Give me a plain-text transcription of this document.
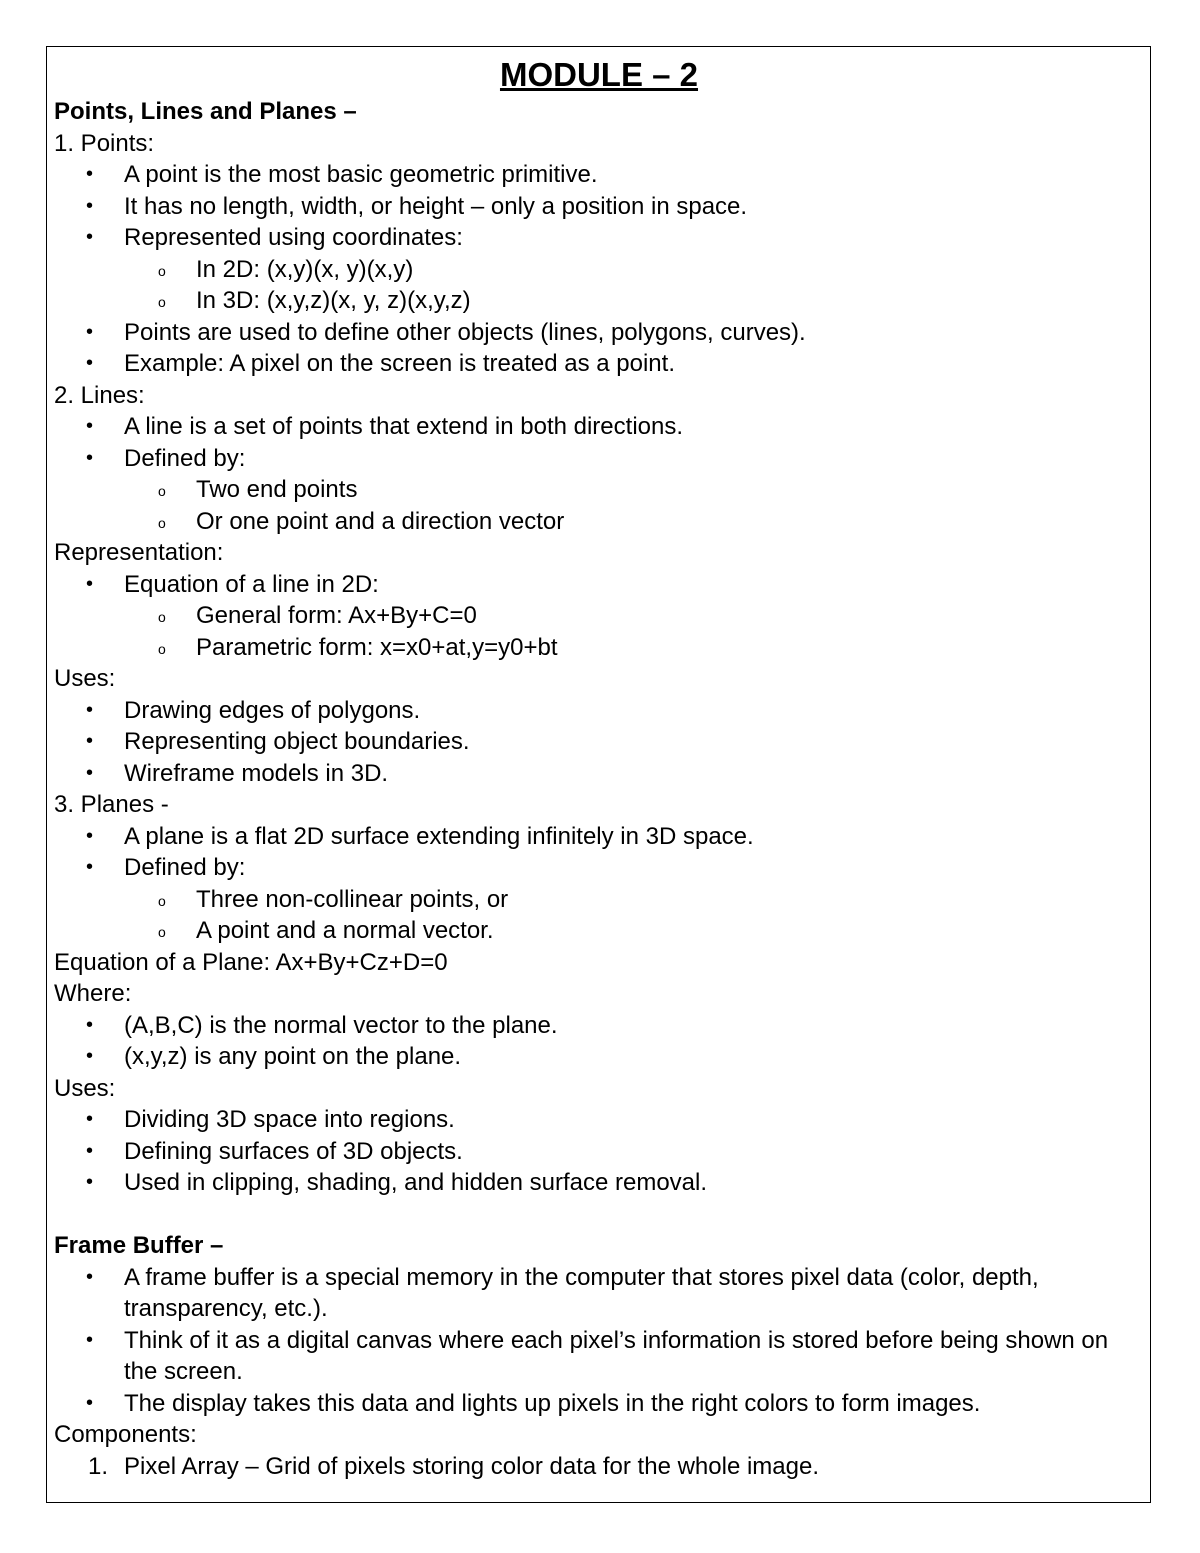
MODULE – 2
Points, Lines and Planes –
1. Points:
• A point is the most basic geometric primitive.
• It has no length, width, or height – only a position in space.
• Represented using coordinates:
o In 2D: (x,y)(x, y)(x,y)
o In 3D: (x,y,z)(x, y, z)(x,y,z)
• Points are used to define other objects (lines, polygons, curves).
• Example: A pixel on the screen is treated as a point.
2. Lines:
• A line is a set of points that extend in both directions.
• Defined by:
o Two end points
o Or one point and a direction vector
Representation:
• Equation of a line in 2D:
o General form: Ax+By+C=0
o Parametric form: x=x0+at,y=y0+bt
Uses:
• Drawing edges of polygons.
• Representing object boundaries.
• Wireframe models in 3D.
3. Planes -
• A plane is a flat 2D surface extending infinitely in 3D space.
• Defined by:
o Three non-collinear points, or
o A point and a normal vector.
Equation of a Plane: Ax+By+Cz+D=0
Where:
• (A,B,C) is the normal vector to the plane.
• (x,y,z) is any point on the plane.
Uses:
• Dividing 3D space into regions.
• Defining surfaces of 3D objects.
• Used in clipping, shading, and hidden surface removal.
Frame Buffer –
• A frame buffer is a special memory in the computer that stores pixel data (color, depth, transparency, etc.).
• Think of it as a digital canvas where each pixel’s information is stored before being shown on the screen.
• The display takes this data and lights up pixels in the right colors to form images.
Components:
1. Pixel Array – Grid of pixels storing color data for the whole image.
